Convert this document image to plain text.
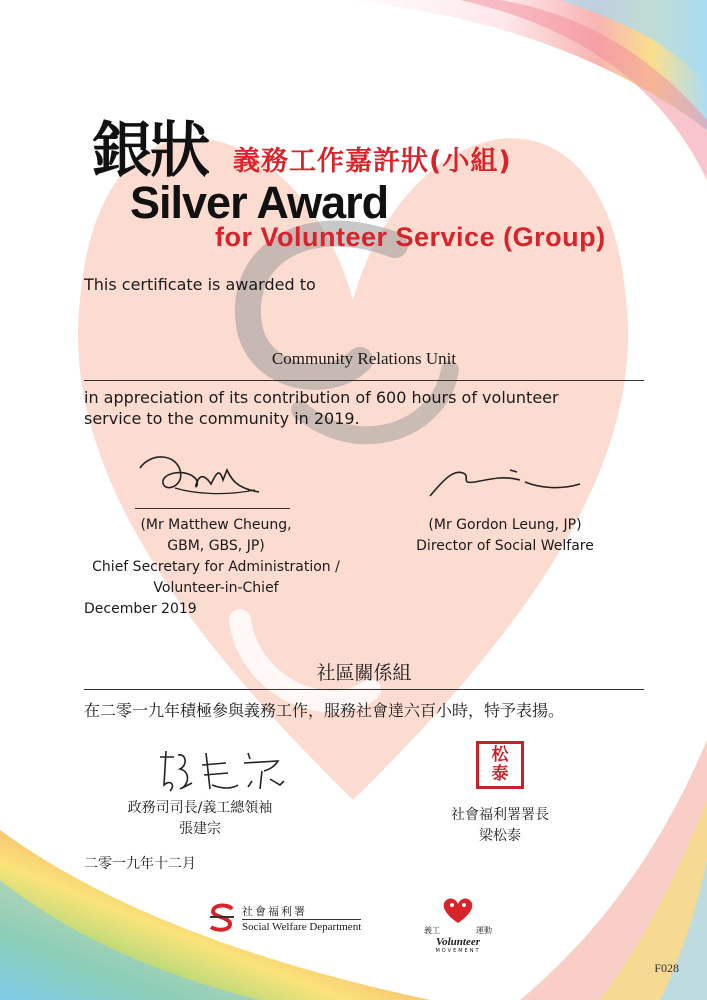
銀狀 義務工作嘉許狀(小組)
Silver Award
for Volunteer Service (Group)
This certificate is awarded to
Community Relations Unit
in appreciation of its contribution of 600 hours of volunteer
service to the community in 2019.
(Mr Matthew Cheung,
GBM, GBS, JP)
Chief Secretary for Administration /
Volunteer-in-Chief
(Mr Gordon Leung, JP)
Director of Social Welfare
December 2019
社區關係組
在二零一九年積極參與義務工作，服務社會達六百小時，特予表揚。
松泰
政務司司長/義工總領袖
張建宗
社會福利署署長
梁松泰
二零一九年十二月
社會福利署
Social Welfare Department	義工	運動
Volunteer
MOVEMENT
F028
